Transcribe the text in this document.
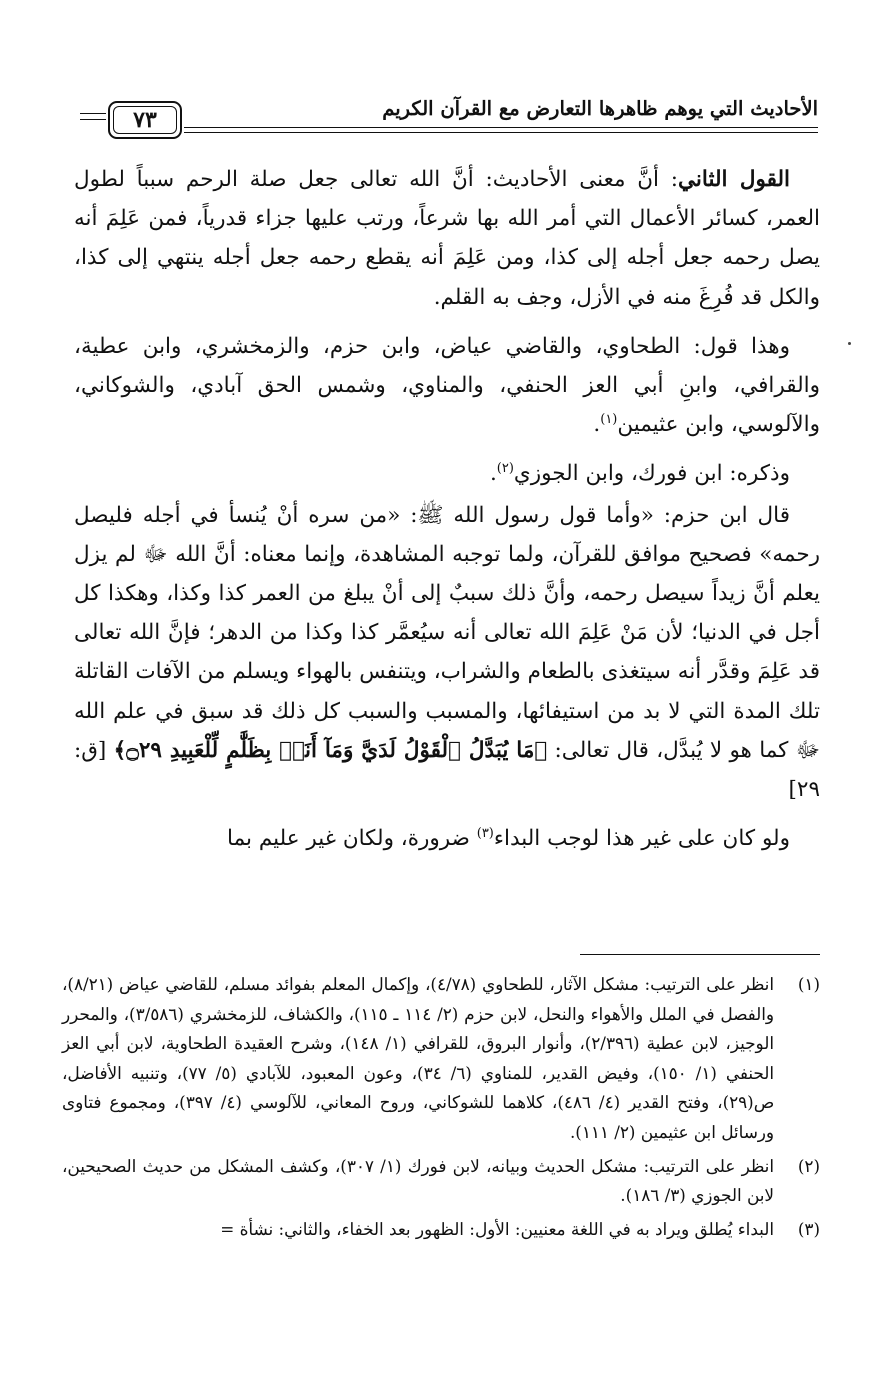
الأحاديث التي يوهم ظاهرها التعارض مع القرآن الكريم
٧٣

القول الثاني: أنَّ معنى الأحاديث: أنَّ الله تعالى جعل صلة الرحم سبباً لطول العمر، كسائر الأعمال التي أمر الله بها شرعاً، ورتب عليها جزاء قدرياً، فمن عَلِمَ أنه يصل رحمه جعل أجله إلى كذا، ومن عَلِمَ أنه يقطع رحمه جعل أجله ينتهي إلى كذا، والكل قد فُرِغَ منه في الأزل، وجف به القلم.

وهذا قول: الطحاوي، والقاضي عياض، وابن حزم، والزمخشري، وابن عطية، والقرافي، وابنِ أبي العز الحنفي، والمناوي، وشمس الحق آبادي، والشوكاني، والآلوسي، وابن عثيمين$^{(١)}$.

وذكره: ابن فورك، وابن الجوزي$^{(٢)}$.

قال ابن حزم: «وأما قول رسول الله ﷺ: «من سره أنْ يُنسأ في أجله فليصل رحمه» فصحيح موافق للقرآن، ولما توجبه المشاهدة، وإنما معناه: أنَّ الله ﷻ لم يزل يعلم أنَّ زيداً سيصل رحمه، وأنَّ ذلك سببٌ إلى أنْ يبلغ من العمر كذا وكذا، وهكذا كل أجل في الدنيا؛ لأن مَنْ عَلِمَ الله تعالى أنه سيُعمَّر كذا وكذا من الدهر؛ فإنَّ الله تعالى قد عَلِمَ وقدَّر أنه سيتغذى بالطعام والشراب، ويتنفس بالهواء ويسلم من الآفات القاتلة تلك المدة التي لا بد من استيفائها، والمسبب والسبب كل ذلك قد سبق في علم الله ﷻ كما هو لا يُبدَّل، قال تعالى: ﴿مَا يُبَدَّلُ ٱلْقَوْلُ لَدَيَّ وَمَآ أَنَا۠ بِظَلَّٰمٍ لِّلْعَبِيدِ ۝٢٩﴾ [ق: ٢٩]

ولو كان على غير هذا لوجب البداء$^{(٣)}$ ضرورة، ولكان غير عليم بما

(١)
انظر على الترتيب: مشكل الآثار، للطحاوي (٤/٧٨)، وإكمال المعلم بفوائد مسلم، للقاضي عياض (٨/٢١)، والفصل في الملل والأهواء والنحل، لابن حزم (٢/ ١١٤ ـ ١١٥)، والكشاف، للزمخشري (٣/٥٨٦)، والمحرر الوجيز، لابن عطية (٢/٣٩٦)، وأنوار البروق، للقرافي (١/ ١٤٨)، وشرح العقيدة الطحاوية، لابن أبي العز الحنفي (١/ ١٥٠)، وفيض القدير، للمناوي (٦/ ٣٤)، وعون المعبود، للآبادي (٥/ ٧٧)، وتنبيه الأفاضل، ص(٢٩)، وفتح القدير (٤/ ٤٨٦)، كلاهما للشوكاني، وروح المعاني، للآلوسي (٤/ ٣٩٧)، ومجموع فتاوى ورسائل ابن عثيمين (٢/ ١١١).
(٢)
انظر على الترتيب: مشكل الحديث وبيانه، لابن فورك (١/ ٣٠٧)، وكشف المشكل من حديث الصحيحين، لابن الجوزي (٣/ ١٨٦).
(٣)
البداء يُطلق ويراد به في اللغة معنيين: الأول: الظهور بعد الخفاء، والثاني: نشأة =
